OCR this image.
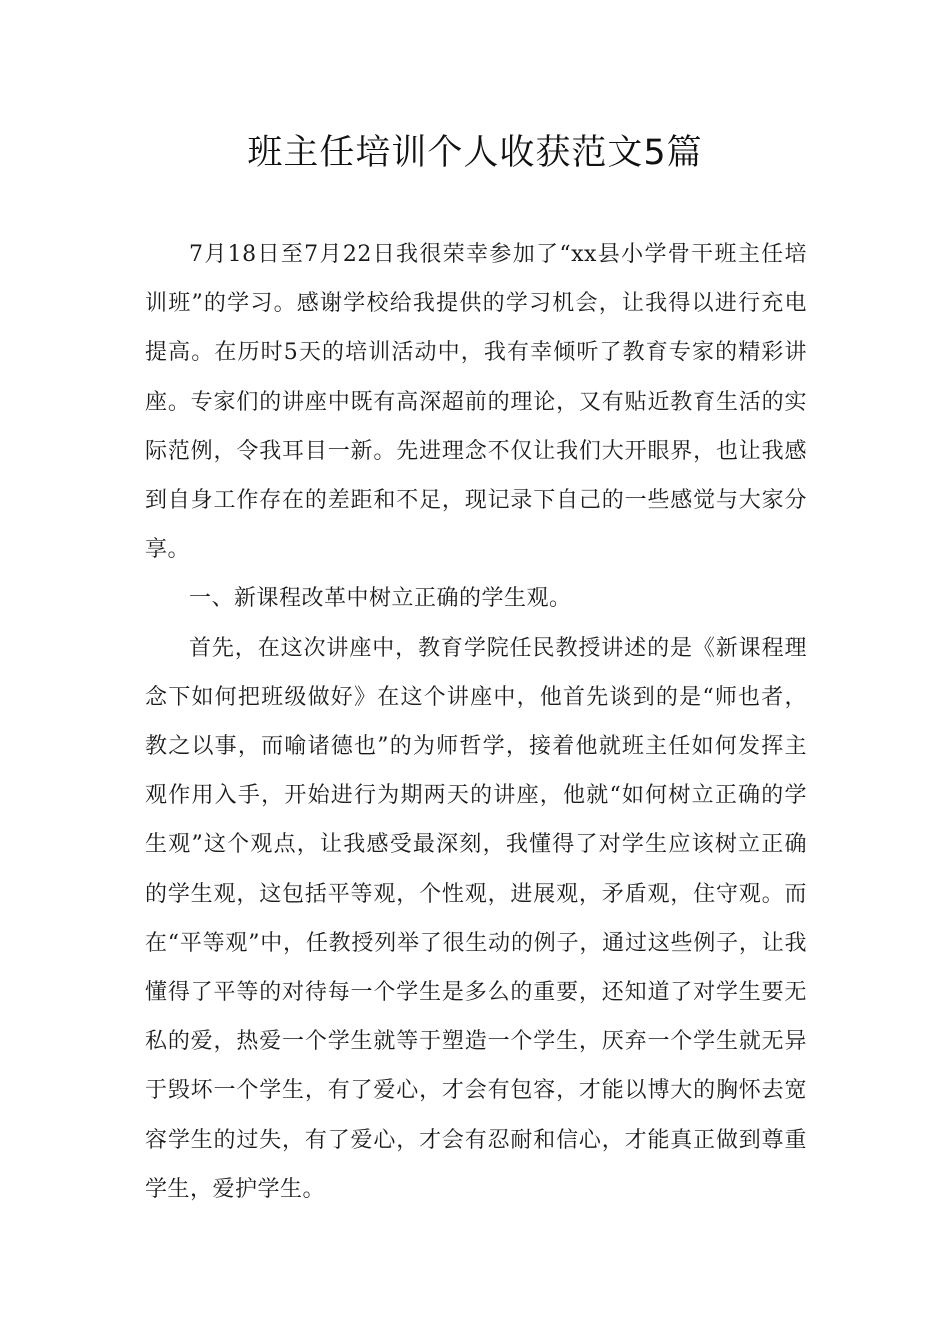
班主任培训个人收获范文5篇

7月18日至7月22日我很荣幸参加了“xx县小学骨干班主任培训班”的学习。感谢学校给我提供的学习机会，让我得以进行充电提高。在历时5天的培训活动中，我有幸倾听了教育专家的精彩讲座。专家们的讲座中既有高深超前的理论，又有贴近教育生活的实际范例，令我耳目一新。先进理念不仅让我们大开眼界，也让我感到自身工作存在的差距和不足，现记录下自己的一些感觉与大家分享。

一、新课程改革中树立正确的学生观。

首先，在这次讲座中，教育学院任民教授讲述的是《新课程理念下如何把班级做好》在这个讲座中，他首先谈到的是“师也者，教之以事，而喻诸德也”的为师哲学，接着他就班主任如何发挥主观作用入手，开始进行为期两天的讲座，他就“如何树立正确的学生观”这个观点，让我感受最深刻，我懂得了对学生应该树立正确的学生观，这包括平等观，个性观，进展观，矛盾观，住守观。而在“平等观”中，任教授列举了很生动的例子，通过这些例子，让我懂得了平等的对待每一个学生是多么的重要，还知道了对学生要无私的爱，热爱一个学生就等于塑造一个学生，厌弃一个学生就无异于毁坏一个学生，有了爱心，才会有包容，才能以博大的胸怀去宽容学生的过失，有了爱心，才会有忍耐和信心，才能真正做到尊重学生，爱护学生。
